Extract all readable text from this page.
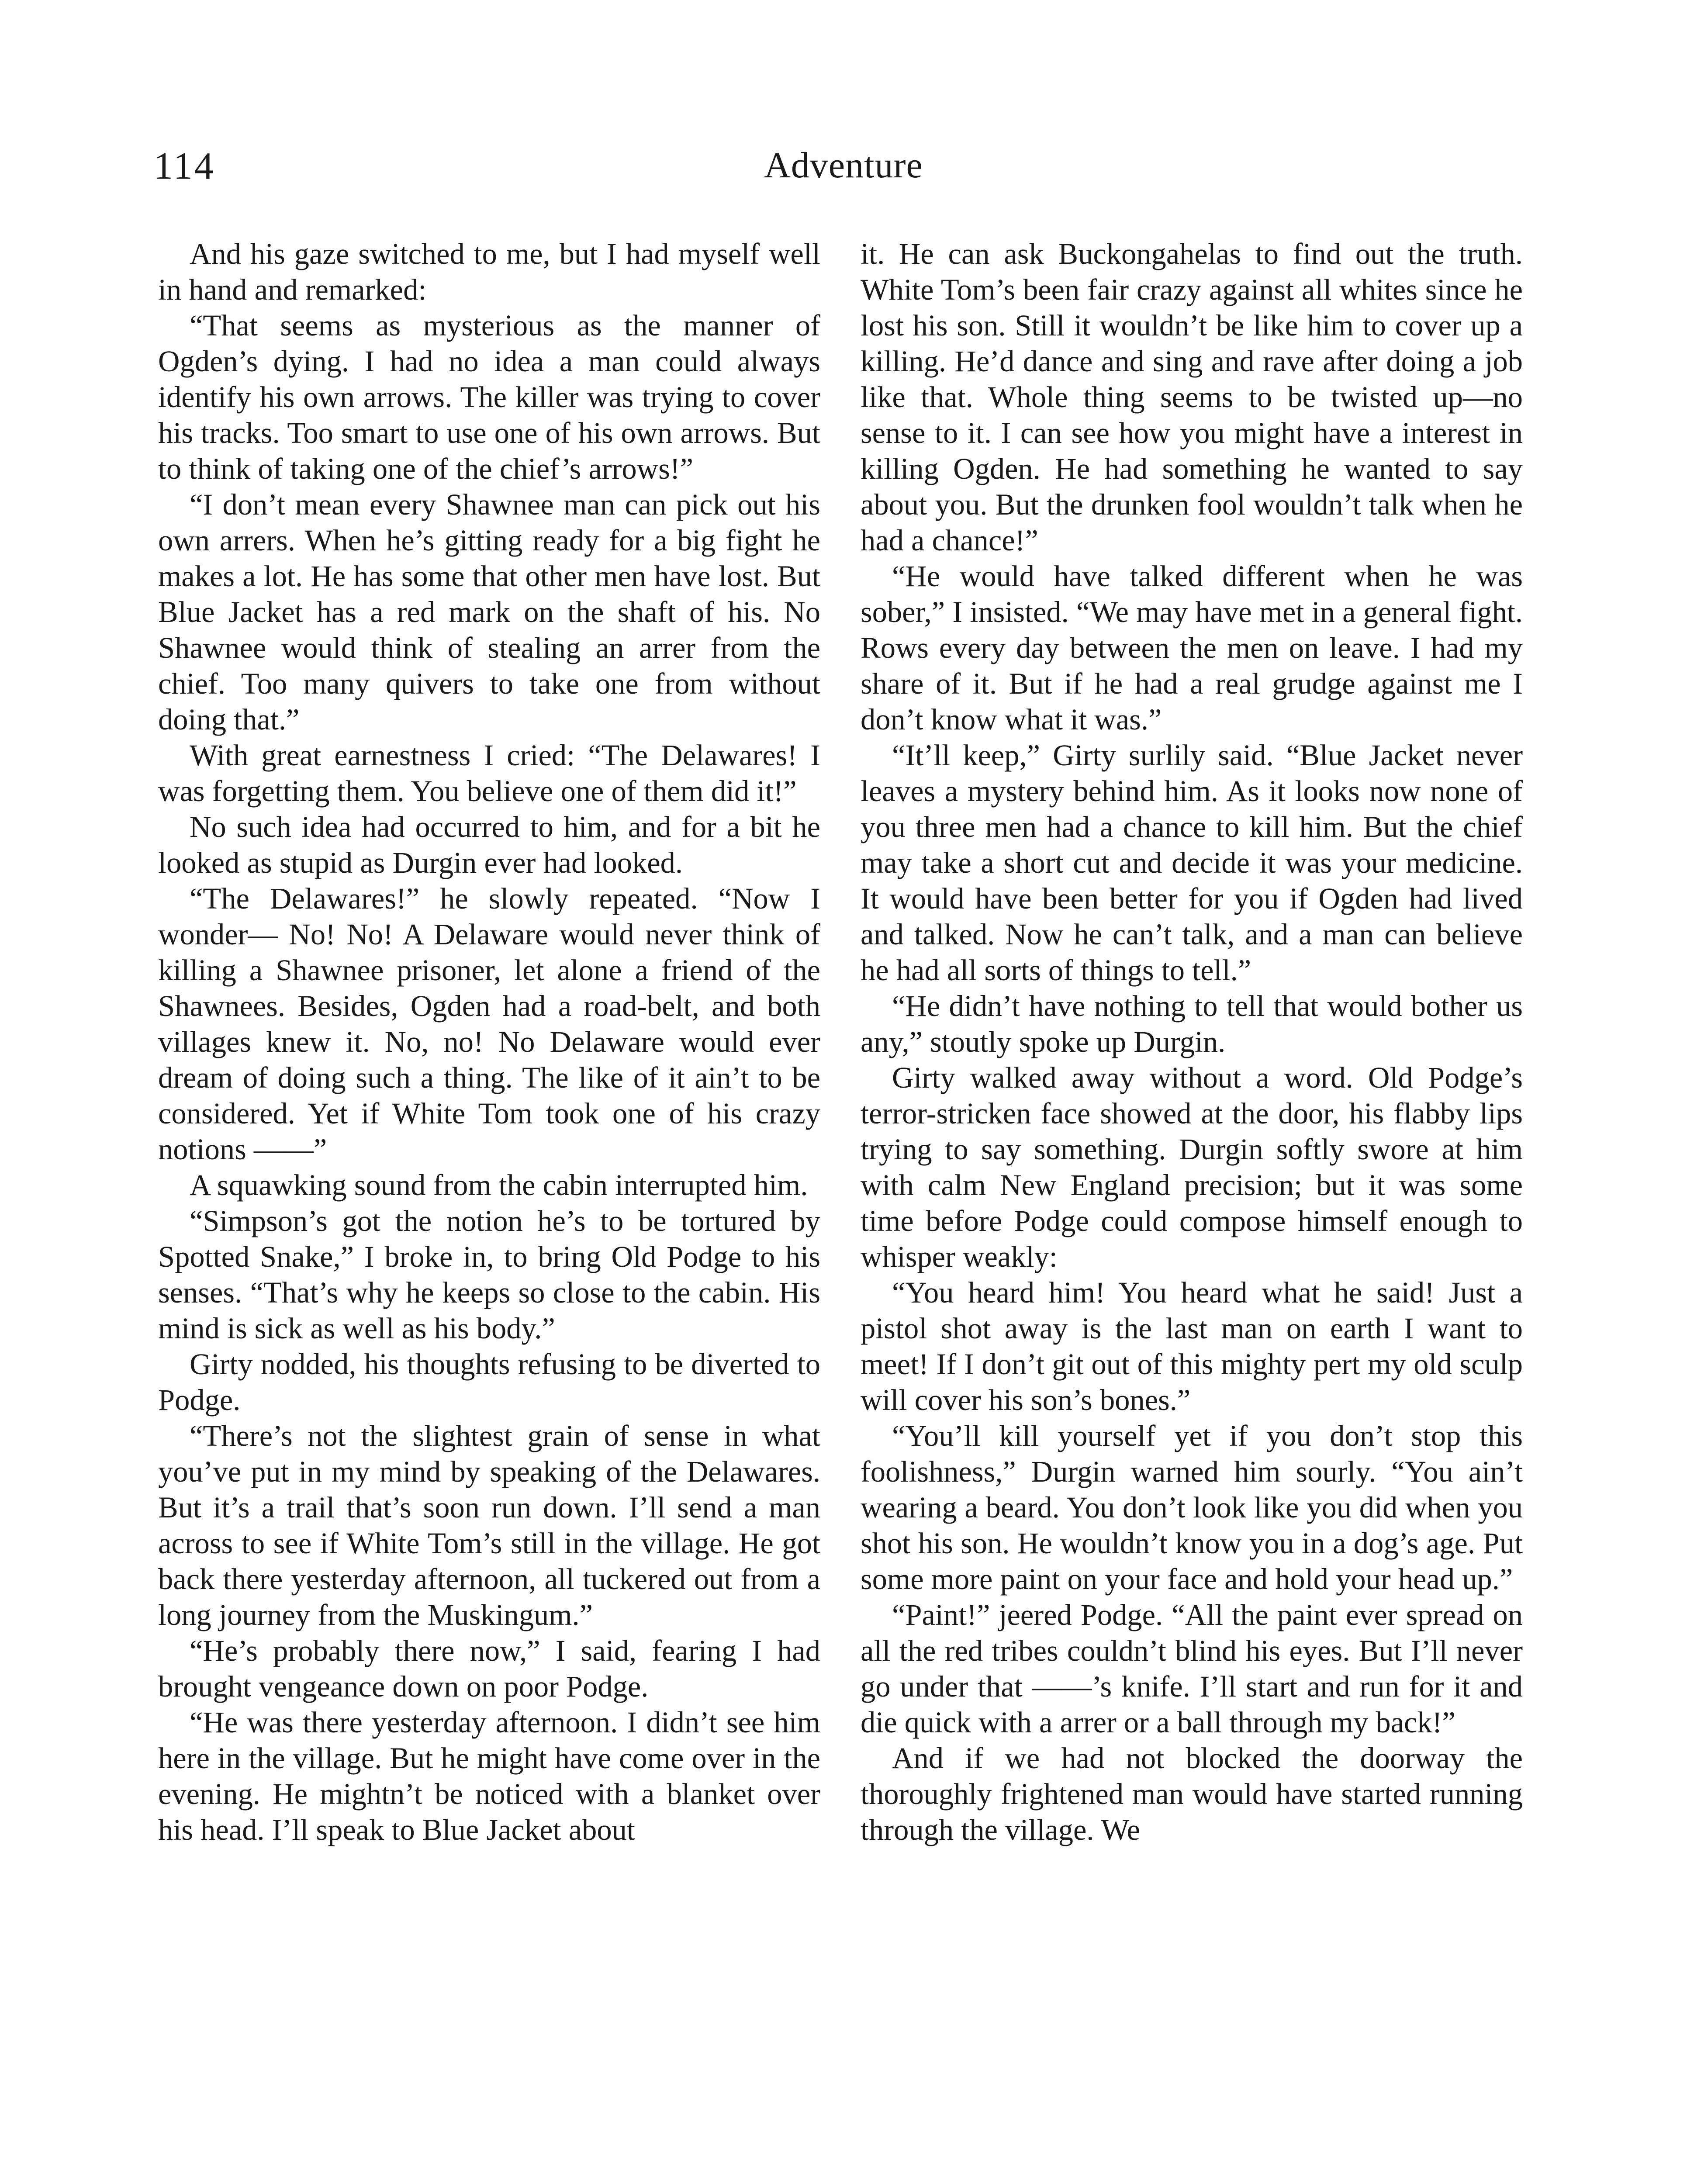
114	Adventure

And his gaze switched to me, but I had myself well in hand and remarked:

“That seems as mysterious as the manner of Ogden’s dying. I had no idea a man could always identify his own arrows. The killer was trying to cover his tracks. Too smart to use one of his own arrows. But to think of taking one of the chief’s arrows!”

“I don’t mean every Shawnee man can pick out his own arrers. When he’s gitting ready for a big fight he makes a lot. He has some that other men have lost. But Blue Jacket has a red mark on the shaft of his. No Shawnee would think of stealing an arrer from the chief. Too many quivers to take one from without doing that.”

With great earnestness I cried: “The Delawares! I was forgetting them. You believe one of them did it!”

No such idea had occurred to him, and for a bit he looked as stupid as Durgin ever had looked.

“The Delawares!” he slowly repeated. “Now I wonder— No! No! A Delaware would never think of killing a Shawnee prisoner, let alone a friend of the Shawnees. Besides, Ogden had a road-belt, and both villages knew it. No, no! No Delaware would ever dream of doing such a thing. The like of it ain’t to be considered. Yet if White Tom took one of his crazy notions ——”

A squawking sound from the cabin interrupted him.

“Simpson’s got the notion he’s to be tortured by Spotted Snake,” I broke in, to bring Old Podge to his senses. “That’s why he keeps so close to the cabin. His mind is sick as well as his body.”

Girty nodded, his thoughts refusing to be diverted to Podge.

“There’s not the slightest grain of sense in what you’ve put in my mind by speaking of the Delawares. But it’s a trail that’s soon run down. I’ll send a man across to see if White Tom’s still in the village. He got back there yesterday afternoon, all tuckered out from a long journey from the Muskingum.”

“He’s probably there now,” I said, fearing I had brought vengeance down on poor Podge.

“He was there yesterday afternoon. I didn’t see him here in the village. But he might have come over in the evening. He mightn’t be noticed with a blanket over his head. I’ll speak to Blue Jacket about

it. He can ask Buckongahelas to find out the truth. White Tom’s been fair crazy against all whites since he lost his son. Still it wouldn’t be like him to cover up a killing. He’d dance and sing and rave after doing a job like that. Whole thing seems to be twisted up—no sense to it. I can see how you might have a interest in killing Ogden. He had something he wanted to say about you. But the drunken fool wouldn’t talk when he had a chance!”

“He would have talked different when he was sober,” I insisted. “We may have met in a general fight. Rows every day between the men on leave. I had my share of it. But if he had a real grudge against me I don’t know what it was.”

“It’ll keep,” Girty surlily said. “Blue Jacket never leaves a mystery behind him. As it looks now none of you three men had a chance to kill him. But the chief may take a short cut and decide it was your medicine. It would have been better for you if Ogden had lived and talked. Now he can’t talk, and a man can believe he had all sorts of things to tell.”

“He didn’t have nothing to tell that would bother us any,” stoutly spoke up Durgin.

Girty walked away without a word. Old Podge’s terror-stricken face showed at the door, his flabby lips trying to say something. Durgin softly swore at him with calm New England precision; but it was some time before Podge could compose himself enough to whisper weakly:

“You heard him! You heard what he said! Just a pistol shot away is the last man on earth I want to meet! If I don’t git out of this mighty pert my old sculp will cover his son’s bones.”

“You’ll kill yourself yet if you don’t stop this foolishness,” Durgin warned him sourly. “You ain’t wearing a beard. You don’t look like you did when you shot his son. He wouldn’t know you in a dog’s age. Put some more paint on your face and hold your head up.”

“Paint!” jeered Podge. “All the paint ever spread on all the red tribes couldn’t blind his eyes. But I’ll never go under that ——’s knife. I’ll start and run for it and die quick with a arrer or a ball through my back!”

And if we had not blocked the doorway the thoroughly frightened man would have started running through the village. We
